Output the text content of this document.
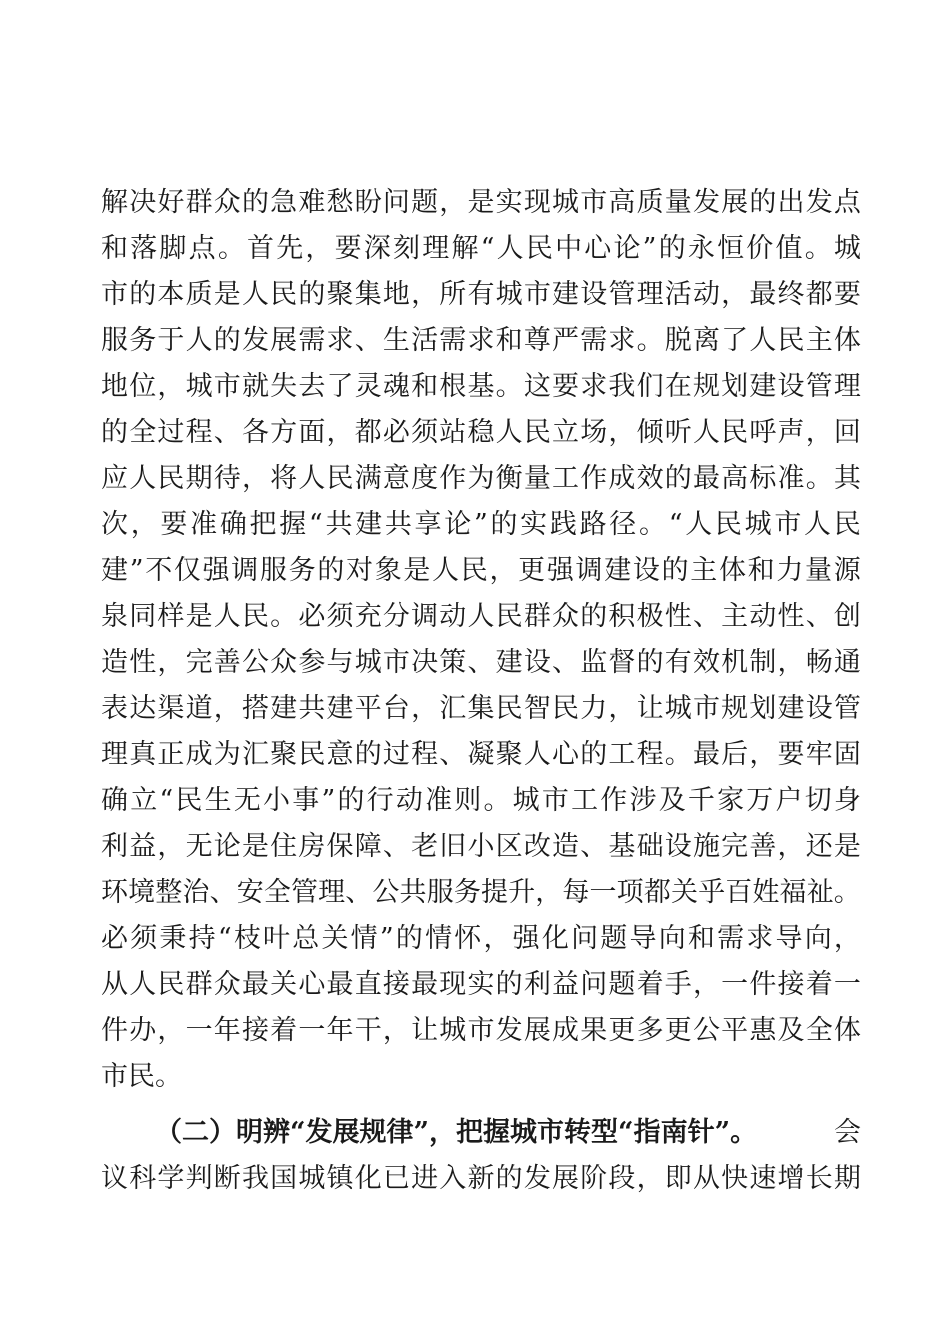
解 决 好 群 众 的 急 难 愁 盼 问 题 ， 是 实 现 城 市 高 质 量 发 展 的 出 发 点
和 落 脚 点 。 首 先 ， 要 深 刻 理 解 “ 人 民 中 心 论 ” 的 永 恒 价 值 。 城
市 的 本 质 是 人 民 的 聚 集 地 ， 所 有 城 市 建 设 管 理 活 动 ， 最 终 都 要
服 务 于 人 的 发 展 需 求 、 生 活 需 求 和 尊 严 需 求 。 脱 离 了 人 民 主 体
地 位 ， 城 市 就 失 去 了 灵 魂 和 根 基 。 这 要 求 我 们 在 规 划 建 设 管 理
的 全 过 程 、 各 方 面 ， 都 必 须 站 稳 人 民 立 场 ， 倾 听 人 民 呼 声 ， 回
应 人 民 期 待 ， 将 人 民 满 意 度 作 为 衡 量 工 作 成 效 的 最 高 标 准 。 其
次 ， 要 准 确 把 握 “ 共 建 共 享 论 ” 的 实 践 路 径 。 “ 人 民 城 市 人 民
建 ” 不 仅 强 调 服 务 的 对 象 是 人 民 ， 更 强 调 建 设 的 主 体 和 力 量 源
泉 同 样 是 人 民 。 必 须 充 分 调 动 人 民 群 众 的 积 极 性 、 主 动 性 、 创
造 性 ， 完 善 公 众 参 与 城 市 决 策 、 建 设 、 监 督 的 有 效 机 制 ， 畅 通
表 达 渠 道 ， 搭 建 共 建 平 台 ， 汇 集 民 智 民 力 ， 让 城 市 规 划 建 设 管
理 真 正 成 为 汇 聚 民 意 的 过 程 、 凝 聚 人 心 的 工 程 。 最 后 ， 要 牢 固
确 立 “ 民 生 无 小 事 ” 的 行 动 准 则 。 城 市 工 作 涉 及 千 家 万 户 切 身
利 益 ， 无 论 是 住 房 保 障 、 老 旧 小 区 改 造 、 基 础 设 施 完 善 ， 还 是
环 境 整 治 、 安 全 管 理 、 公 共 服 务 提 升 ， 每 一 项 都 关 乎 百 姓 福 祉 。
必 须 秉 持 “ 枝 叶 总 关 情 ” 的 情 怀 ， 强 化 问 题 导 向 和 需 求 导 向 ，
从 人 民 群 众 最 关 心 最 直 接 最 现 实 的 利 益 问 题 着 手 ， 一 件 接 着 一
件 办 ， 一 年 接 着 一 年 干 ， 让 城 市 发 展 成 果 更 多 更 公 平 惠 及 全 体
市民。
（二）明辨“发展规律”，把握城市转型“指南针”。	会
议 科 学 判 断 我 国 城 镇 化 已 进 入 新 的 发 展 阶 段 ， 即 从 快 速 增 长 期
